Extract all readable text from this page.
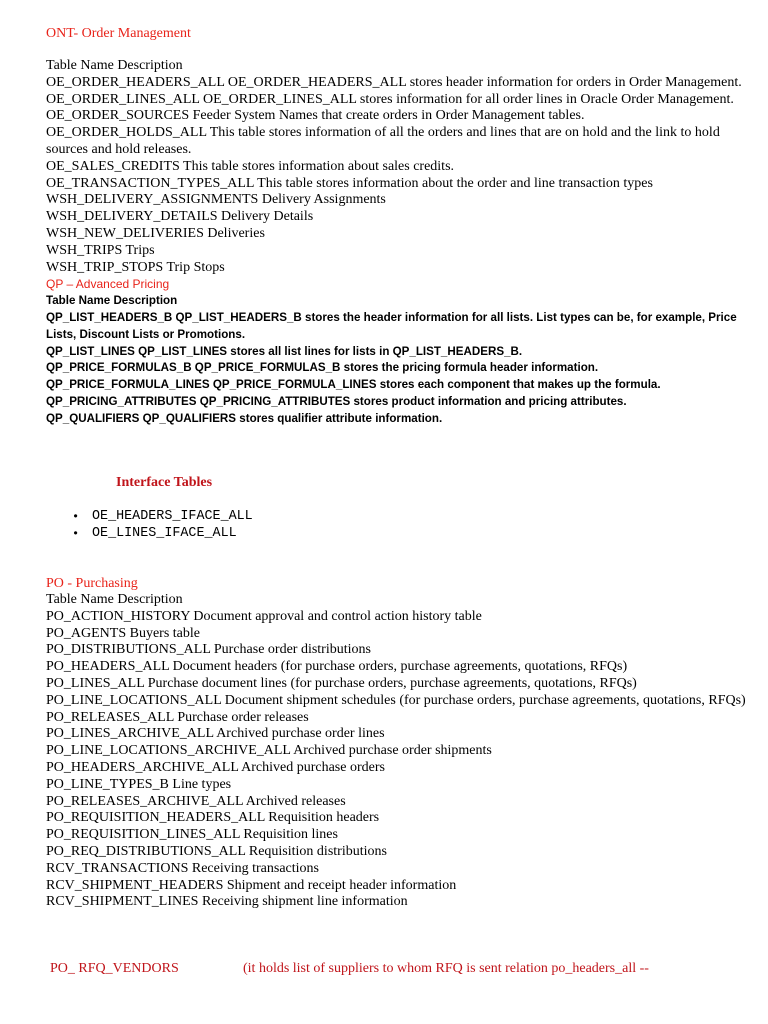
ONT- Order Management

Table Name Description

OE_ORDER_HEADERS_ALL OE_ORDER_HEADERS_ALL stores header information for orders in Order Management.

OE_ORDER_LINES_ALL OE_ORDER_LINES_ALL stores information for all order lines in Oracle Order Management.

OE_ORDER_SOURCES Feeder System Names that create orders in Order Management tables.

OE_ORDER_HOLDS_ALL This table stores information of all the orders and lines that are on hold and the link to hold sources and hold releases.

OE_SALES_CREDITS This table stores information about sales credits.

OE_TRANSACTION_TYPES_ALL This table stores information about the order and line transaction types

WSH_DELIVERY_ASSIGNMENTS Delivery Assignments

WSH_DELIVERY_DETAILS Delivery Details

WSH_NEW_DELIVERIES Deliveries

WSH_TRIPS Trips

WSH_TRIP_STOPS Trip Stops

QP – Advanced Pricing

Table Name Description

QP_LIST_HEADERS_B QP_LIST_HEADERS_B stores the header information for all lists. List types can be, for example, Price Lists, Discount Lists or Promotions.

QP_LIST_LINES QP_LIST_LINES stores all list lines for lists in QP_LIST_HEADERS_B.

QP_PRICE_FORMULAS_B QP_PRICE_FORMULAS_B stores the pricing formula header information.

QP_PRICE_FORMULA_LINES QP_PRICE_FORMULA_LINES stores each component that makes up the formula.

QP_PRICING_ATTRIBUTES QP_PRICING_ATTRIBUTES stores product information and pricing attributes.

QP_QUALIFIERS QP_QUALIFIERS stores qualifier attribute information.

Interface Tables

• OE_HEADERS_IFACE_ALL
• OE_LINES_IFACE_ALL

PO - Purchasing

Table Name Description

PO_ACTION_HISTORY Document approval and control action history table

PO_AGENTS Buyers table

PO_DISTRIBUTIONS_ALL Purchase order distributions

PO_HEADERS_ALL Document headers (for purchase orders, purchase agreements, quotations, RFQs)

PO_LINES_ALL Purchase document lines (for purchase orders, purchase agreements, quotations, RFQs)

PO_LINE_LOCATIONS_ALL Document shipment schedules (for purchase orders, purchase agreements, quotations, RFQs)

PO_RELEASES_ALL Purchase order releases

PO_LINES_ARCHIVE_ALL Archived purchase order lines

PO_LINE_LOCATIONS_ARCHIVE_ALL Archived purchase order shipments

PO_HEADERS_ARCHIVE_ALL Archived purchase orders

PO_LINE_TYPES_B Line types

PO_RELEASES_ARCHIVE_ALL Archived releases

PO_REQUISITION_HEADERS_ALL Requisition headers

PO_REQUISITION_LINES_ALL Requisition lines

PO_REQ_DISTRIBUTIONS_ALL Requisition distributions

RCV_TRANSACTIONS Receiving transactions

RCV_SHIPMENT_HEADERS Shipment and receipt header information

RCV_SHIPMENT_LINES Receiving shipment line information

PO_ RFQ_VENDORS	(it holds list of suppliers to whom RFQ is sent relation po_headers_all --
